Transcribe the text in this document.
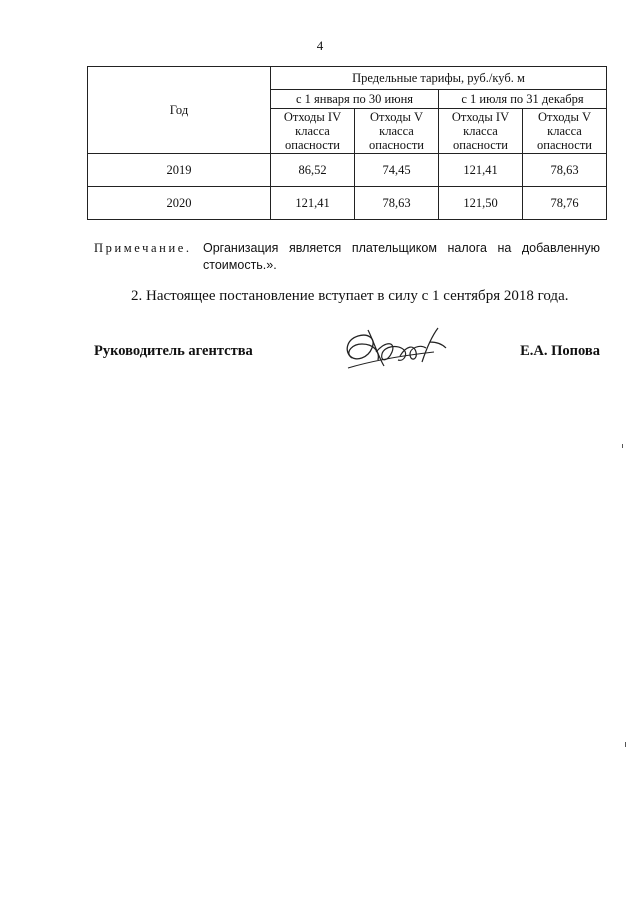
4
Год	Предельные тарифы, руб./куб. м			
	с 1 января по 30 июня		с 1 июля по 31 декабря	
	Отходы IV класса опасности	Отходы V класса опасности	Отходы IV класса опасности	Отходы V класса опасности
2019	86,52	74,45	121,41	78,63
2020	121,41	78,63	121,50	78,76
Примечание. Организация является плательщиком налога на добавленную стоимость.».
2. Настоящее постановление вступает в силу с 1 сентября 2018 года.
Руководитель агентства	Е.А. Попова
